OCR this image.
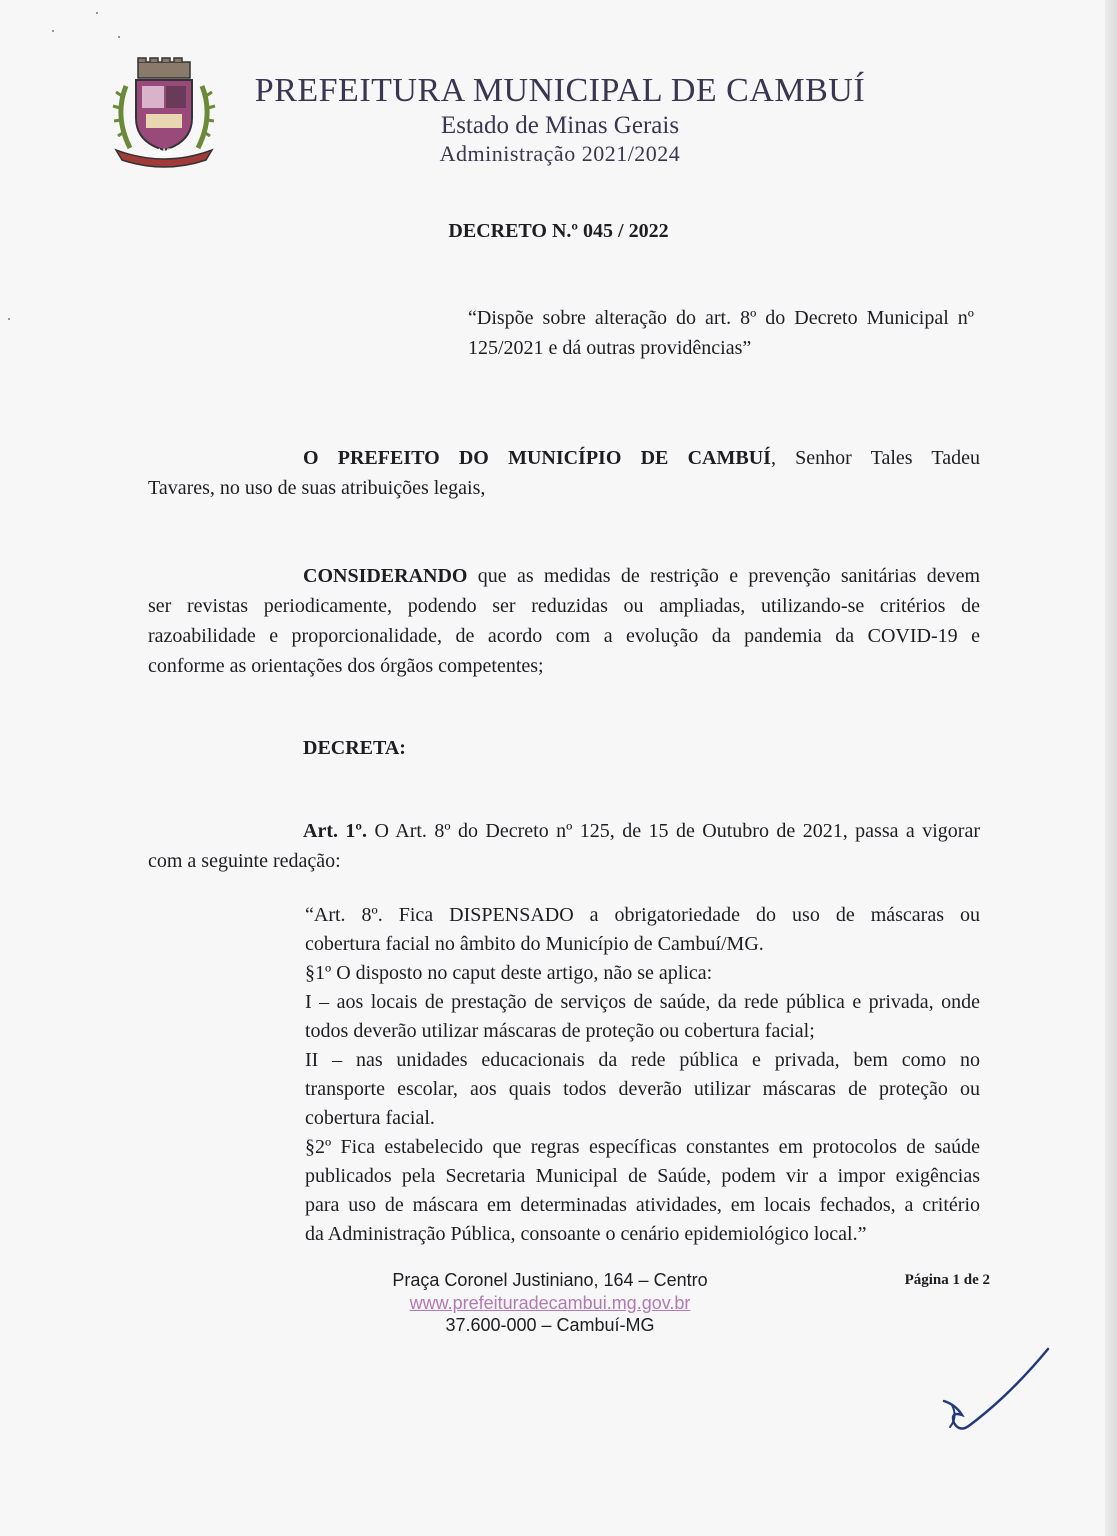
CAMBUÍ
PREFEITURA MUNICIPAL DE CAMBUÍ
Estado de Minas Gerais
Administração 2021/2024
DECRETO N.º 045 / 2022
“Dispõe sobre alteração do art. 8º do Decreto Municipal nº
125/2021 e dá outras providências”
O PREFEITO DO MUNICÍPIO DE CAMBUÍ, Senhor Tales Tadeu
Tavares, no uso de suas atribuições legais,
CONSIDERANDO que as medidas de restrição e prevenção sanitárias devem
ser revistas periodicamente, podendo ser reduzidas ou ampliadas, utilizando-se critérios de
razoabilidade e proporcionalidade, de acordo com a evolução da pandemia da COVID-19 e
conforme as orientações dos órgãos competentes;
DECRETA:
Art. 1º. O Art. 8º do Decreto nº 125, de 15 de Outubro de 2021, passa a vigorar
com a seguinte redação:
“Art. 8º. Fica DISPENSADO a obrigatoriedade do uso de máscaras ou
cobertura facial no âmbito do Município de Cambuí/MG.
§1º O disposto no caput deste artigo, não se aplica:
I – aos locais de prestação de serviços de saúde, da rede pública e privada, onde
todos deverão utilizar máscaras de proteção ou cobertura facial;
II – nas unidades educacionais da rede pública e privada, bem como no
transporte escolar, aos quais todos deverão utilizar máscaras de proteção ou
cobertura facial.
§2º Fica estabelecido que regras específicas constantes em protocolos de saúde
publicados pela Secretaria Municipal de Saúde, podem vir a impor exigências
para uso de máscara em determinadas atividades, em locais fechados, a critério
da Administração Pública, consoante o cenário epidemiológico local.”
Praça Coronel Justiniano, 164 – Centro
www.prefeituradecambui.mg.gov.br
37.600-000 – Cambuí-MG
Página 1 de 2
